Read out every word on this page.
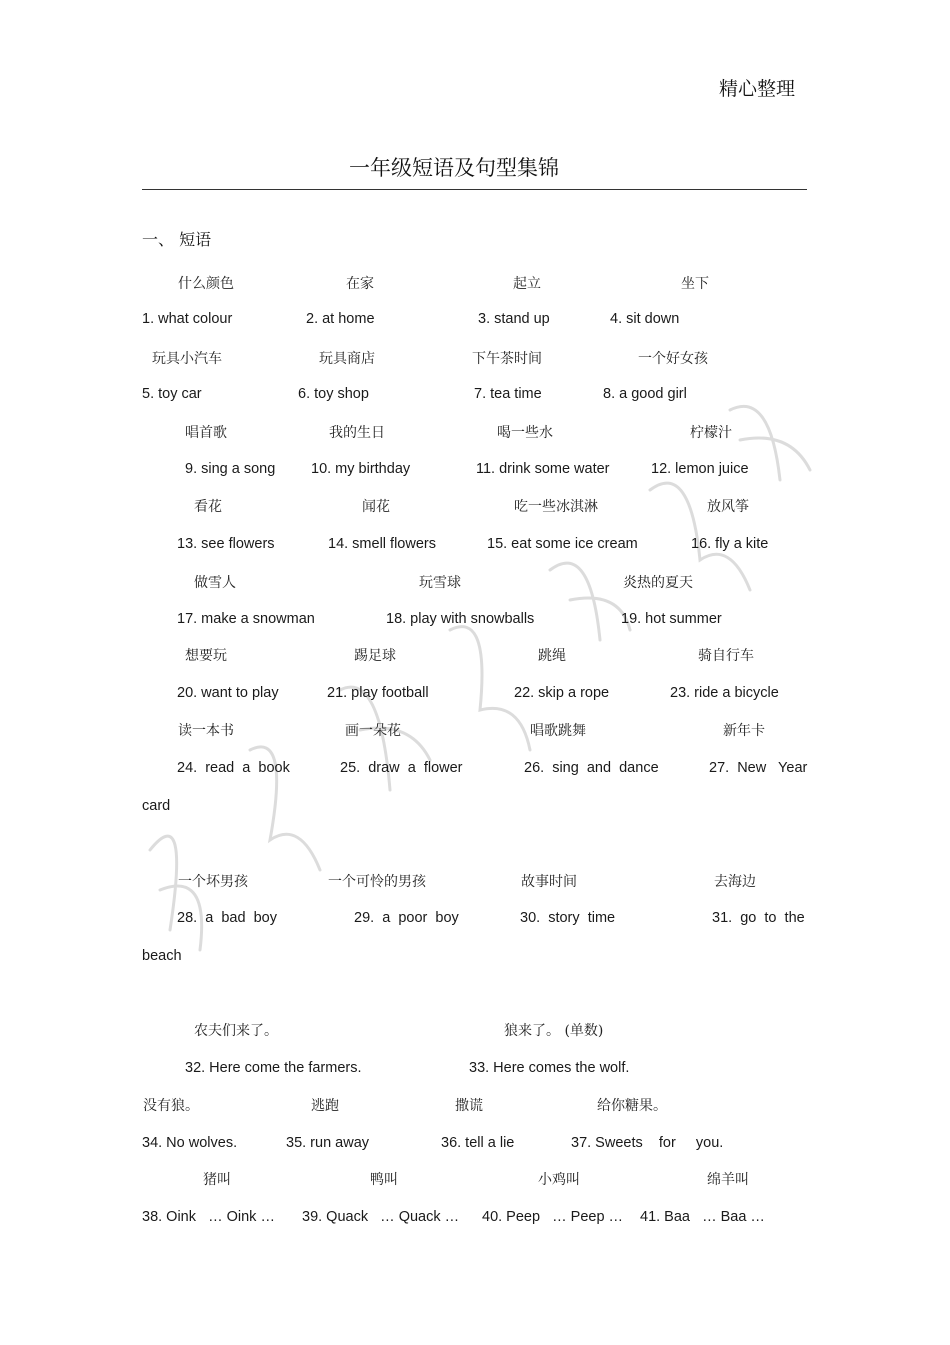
精心整理
一年级短语及句型集锦
一、 短语
什么颜色	在家	起立	坐下
1. what colour	2. at home	3. stand up	4. sit down
玩具小汽车	玩具商店	下午茶时间	一个好女孩
5. toy car	6. toy shop	7. tea time	8. a good girl
唱首歌	我的生日	喝一些水	柠檬汁
9. sing a song 10. my birthday	11. drink some water	12. lemon juice
看花	闻花	吃一些冰淇淋	放风筝
13. see flowers	14. smell flowers	15. eat some ice cream	16. fly a kite
做雪人	玩雪球	炎热的夏天
17. make a snowman	18. play with snowballs	19. hot summer
想要玩	踢足球	跳绳	骑自行车
20. want to play	21. play football	22. skip a rope	23. ride a bicycle
读一本书	画一朵花	唱歌跳舞	新年卡
24.  read  a  book	25.  draw  a  flower	26.  sing  and  dance	27.  New   Year
card
一个坏男孩	一个可怜的男孩	故事时间	去海边
28.  a  bad  boy	29.  a  poor  boy	30.  story  time	31.  go  to  the
beach
农夫们来了。	狼来了。 (单数)
32. Here come the farmers.	33. Here comes the wolf.
没有狼。	逃跑	撒谎	给你糖果。
34. No wolves.	35. run away	36. tell a lie	37. Sweets    for     you.
猪叫	鸭叫	小鸡叫	绵羊叫
38. Oink   … Oink … 39. Quack   … Quack … 40. Peep   … Peep … 41. Baa   … Baa …
